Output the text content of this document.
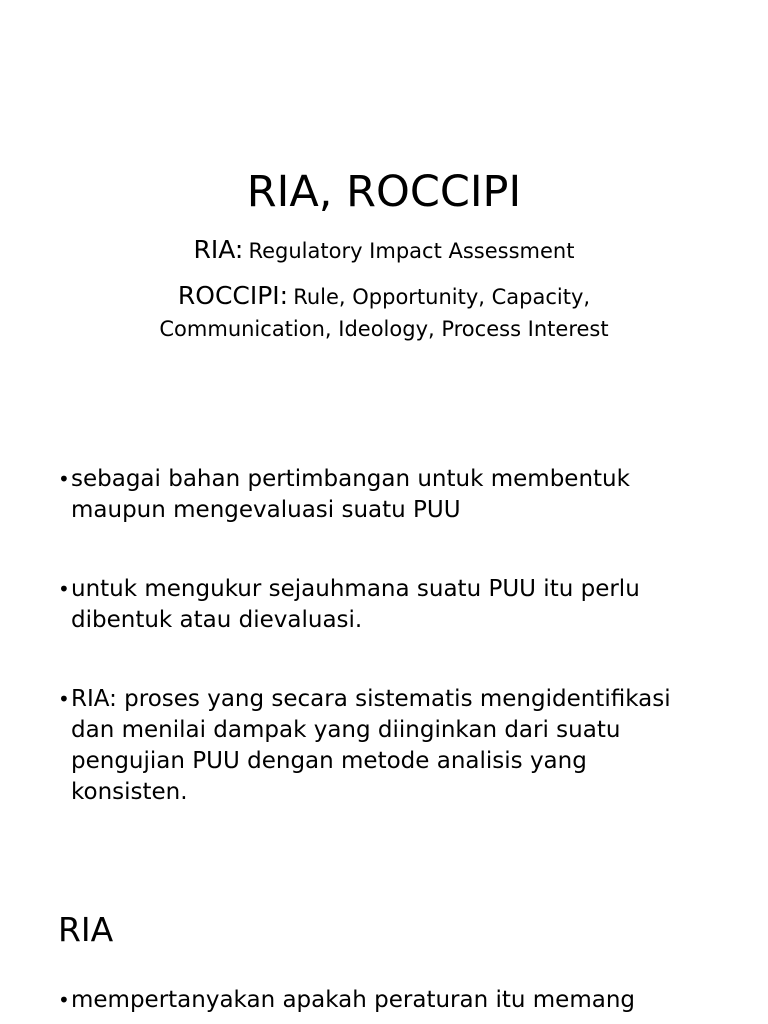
RIA, ROCCIPI
RIA: Regulatory Impact Assessment
ROCCIPI: Rule, Opportunity, Capacity,
Communication, Ideology, Process Interest
• sebagai bahan pertimbangan untuk membentuk
maupun mengevaluasi suatu PUU
• untuk mengukur sejauhmana suatu PUU itu perlu
dibentuk atau dievaluasi.
• RIA: proses yang secara sistematis mengidentifikasi
dan menilai dampak yang diinginkan dari suatu
pengujian PUU dengan metode analisis yang
konsisten.
RIA
• mempertanyakan apakah peraturan itu memang
